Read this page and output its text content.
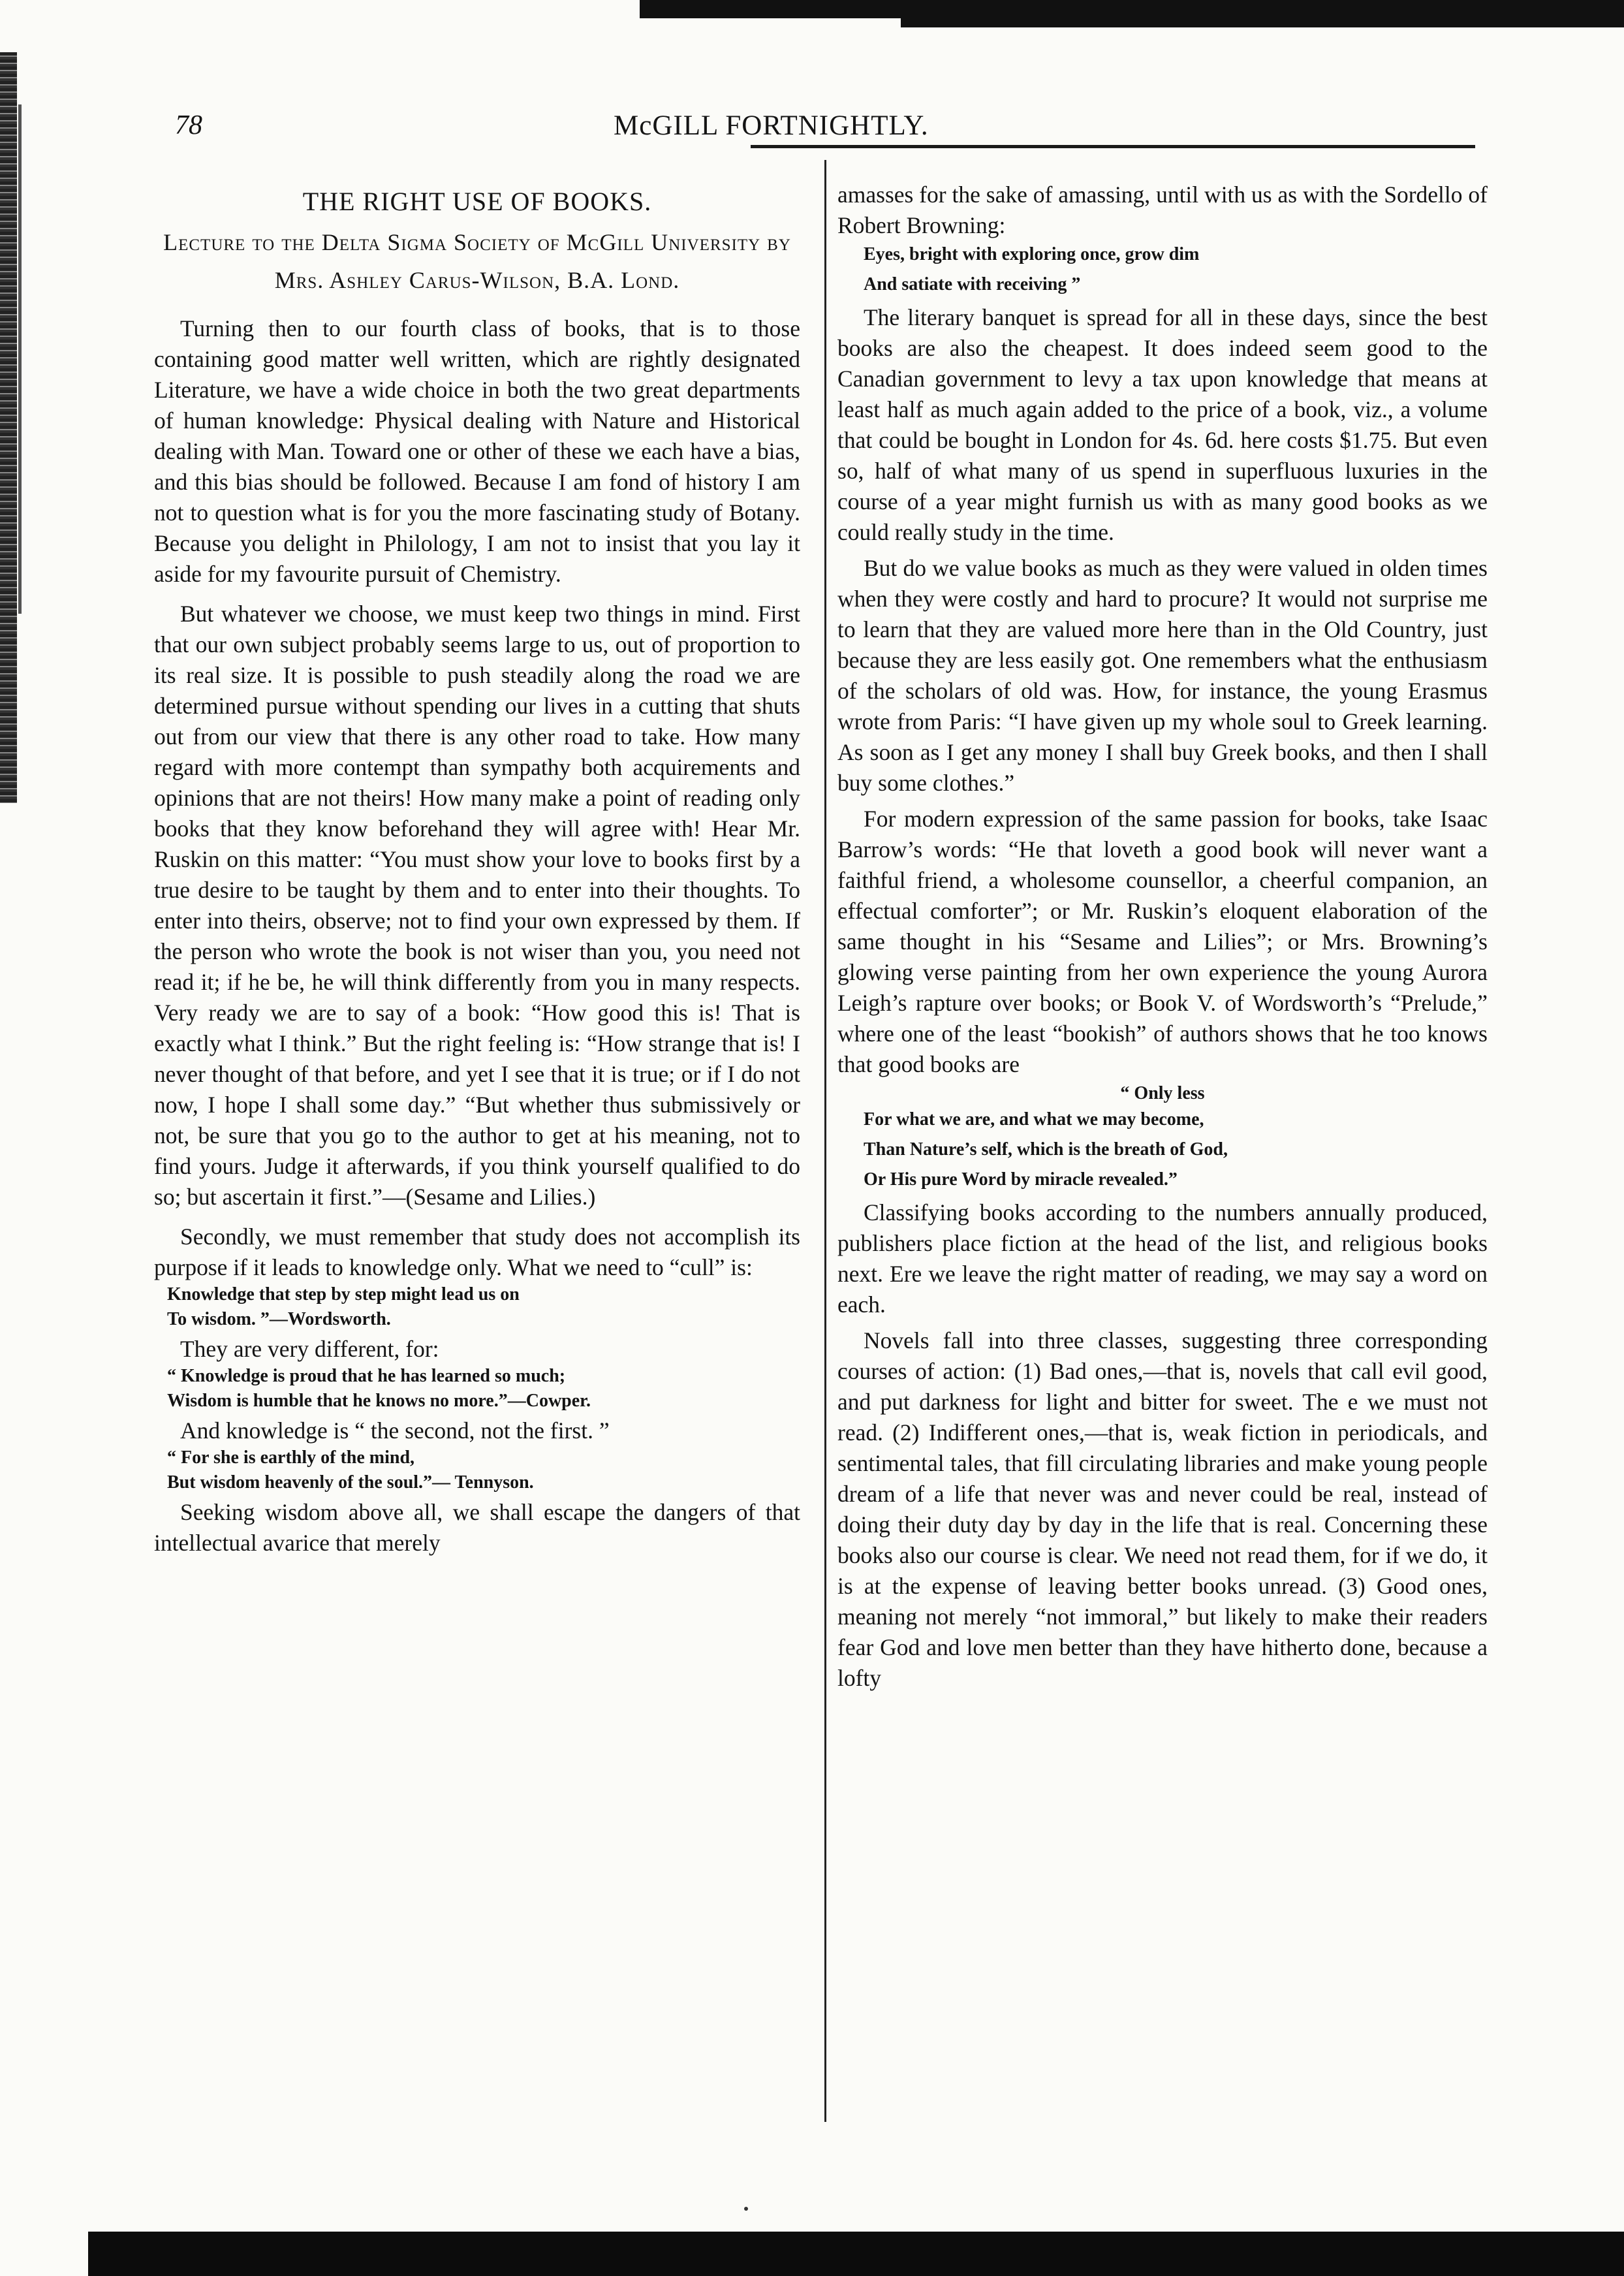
78	McGILL FORTNIGHTLY.
THE RIGHT USE OF BOOKS.
Lecture to the Delta Sigma Society of McGill University by Mrs. Ashley Carus-Wilson, B.A. Lond.

Turning then to our fourth class of books, that is to those containing good matter well written, which are rightly designated Literature, we have a wide choice in both the two great departments of human knowledge: Physical dealing with Nature and Historical dealing with Man. Toward one or other of these we each have a bias, and this bias should be followed. Because I am fond of history I am not to question what is for you the more fascinating study of Botany. Because you delight in Philology, I am not to insist that you lay it aside for my favourite pursuit of Chemistry.

But whatever we choose, we must keep two things in mind. First that our own subject probably seems large to us, out of proportion to its real size. It is possible to push steadily along the road we are determined pursue without spending our lives in a cutting that shuts out from our view that there is any other road to take. How many regard with more contempt than sympathy both acquirements and opinions that are not theirs! How many make a point of reading only books that they know beforehand they will agree with! Hear Mr. Ruskin on this matter: “You must show your love to books first by a true desire to be taught by them and to enter into their thoughts. To enter into theirs, observe; not to find your own expressed by them. If the person who wrote the book is not wiser than you, you need not read it; if he be, he will think differently from you in many respects. Very ready we are to say of a book: “How good this is! That is exactly what I think.” But the right feeling is: “How strange that is! I never thought of that before, and yet I see that it is true; or if I do not now, I hope I shall some day.” “But whether thus submissively or not, be sure that you go to the author to get at his meaning, not to find yours. Judge it afterwards, if you think yourself qualified to do so; but ascertain it first.”—(Sesame and Lilies.)

Secondly, we must remember that study does not accomplish its purpose if it leads to knowledge only. What we need to “cull” is:

Knowledge that step by step might lead us on
To wisdom. ”—Wordsworth.

They are very different, for:

“ Knowledge is proud that he has learned so much;
Wisdom is humble that he knows no more.”—Cowper.

And knowledge is “ the second, not the first. ”

“ For she is earthly of the mind,
But wisdom heavenly of the soul.”— Tennyson.

Seeking wisdom above all, we shall escape the dangers of that intellectual avarice that merely

amasses for the sake of amassing, until with us as with the Sordello of Robert Browning:

Eyes, bright with exploring once, grow dim
And satiate with receiving ”

The literary banquet is spread for all in these days, since the best books are also the cheapest. It does indeed seem good to the Canadian government to levy a tax upon knowledge that means at least half as much again added to the price of a book, viz., a volume that could be bought in London for 4s. 6d. here costs $1.75. But even so, half of what many of us spend in superfluous luxuries in the course of a year might furnish us with as many good books as we could really study in the time.

But do we value books as much as they were valued in olden times when they were costly and hard to procure? It would not surprise me to learn that they are valued more here than in the Old Country, just because they are less easily got. One remembers what the enthusiasm of the scholars of old was. How, for instance, the young Erasmus wrote from Paris: “I have given up my whole soul to Greek learning. As soon as I get any money I shall buy Greek books, and then I shall buy some clothes.”

For modern expression of the same passion for books, take Isaac Barrow’s words: “He that loveth a good book will never want a faithful friend, a wholesome counsellor, a cheerful companion, an effectual comforter”; or Mr. Ruskin’s eloquent elaboration of the same thought in his “Sesame and Lilies”; or Mrs. Browning’s glowing verse painting from her own experience the young Aurora Leigh’s rapture over books; or Book V. of Wordsworth’s “Prelude,” where one of the least “bookish” of authors shows that he too knows that good books are

“ Only less
For what we are, and what we may become,
Than Nature’s self, which is the breath of God,
Or His pure Word by miracle revealed.”

Classifying books according to the numbers annually produced, publishers place fiction at the head of the list, and religious books next. Ere we leave the right matter of reading, we may say a word on each.

Novels fall into three classes, suggesting three corresponding courses of action: (1) Bad ones,—that is, novels that call evil good, and put darkness for light and bitter for sweet. The e we must not read. (2) Indifferent ones,—that is, weak fiction in periodicals, and sentimental tales, that fill circulating libraries and make young people dream of a life that never was and never could be real, instead of doing their duty day by day in the life that is real. Concerning these books also our course is clear. We need not read them, for if we do, it is at the expense of leaving better books unread. (3) Good ones, meaning not merely “not immoral,” but likely to make their readers fear God and love men better than they have hitherto done, because a lofty
